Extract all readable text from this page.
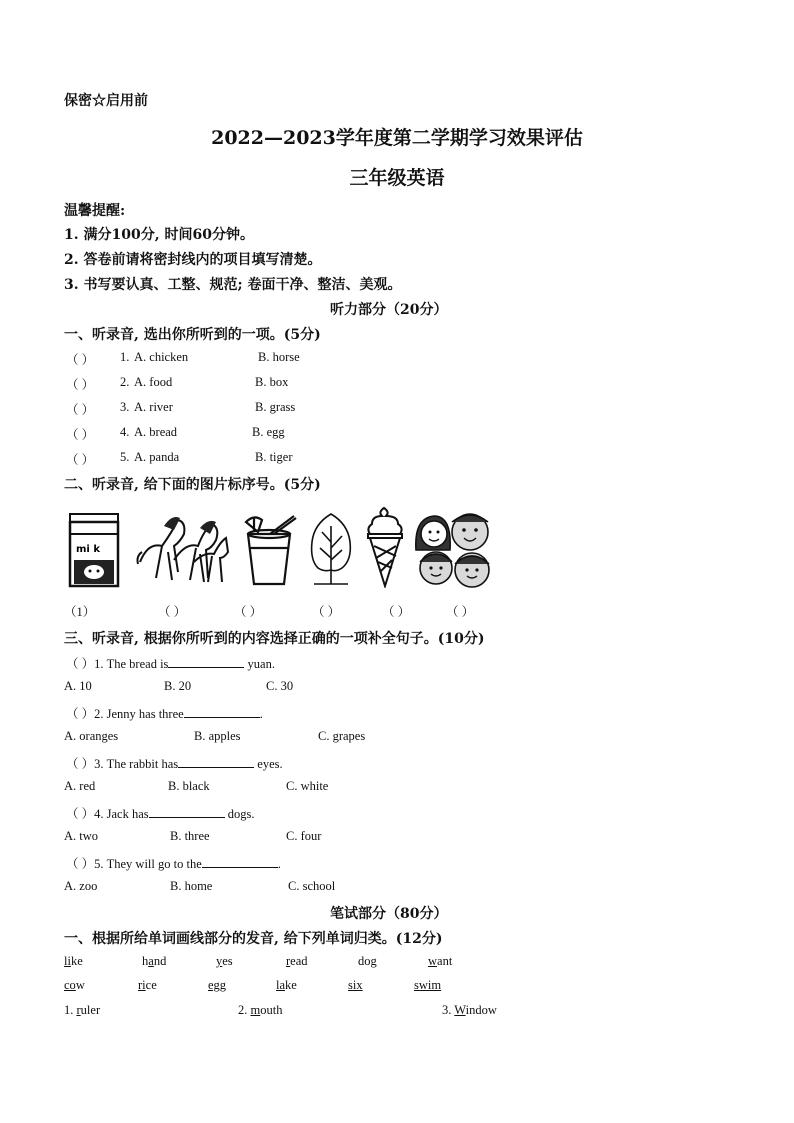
保密☆启用前
2022—2023学年度第二学期学习效果评估
三年级英语
温馨提醒:
1. 满分100分, 时间60分钟。
2. 答卷前请将密封线内的项目填写清楚。
3. 书写要认真、工整、规范; 卷面干净、整洁、美观。
听力部分（20分）
一、听录音, 选出你所听到的一项。(5分)
（ ） 1. A. chicken	B. horse
（ ） 2. A. food	B. box
（ ） 3. A. river	B. grass
（ ） 4. A. bread	B. egg
（ ） 5. A. panda	B. tiger
二、听录音, 给下面的图片标序号。(5分)
mi k
（1）	（ ）	（ ）	（ ）	（ ）	（ ）
三、听录音, 根据你所听到的内容选择正确的一项补全句子。(10分)
（ ）1. The bread is	yuan.
A. 10	B. 20	C. 30
（ ）2. Jenny has three	.
A. oranges	B. apples	C. grapes
（ ）3. The rabbit has	eyes.
A. red	B. black	C. white
（ ）4. Jack has	dogs.
A. two	B. three	C. four
（ ）5. They will go to the	.
A. zoo	B. home	C. school
笔试部分（80分）
一、根据所给单词画线部分的发音, 给下列单词归类。(12分)
like	hand	yes	read	dog	want
cow	rice	egg	lake	six	swim
1. ruler	2. mouth	3. Window
